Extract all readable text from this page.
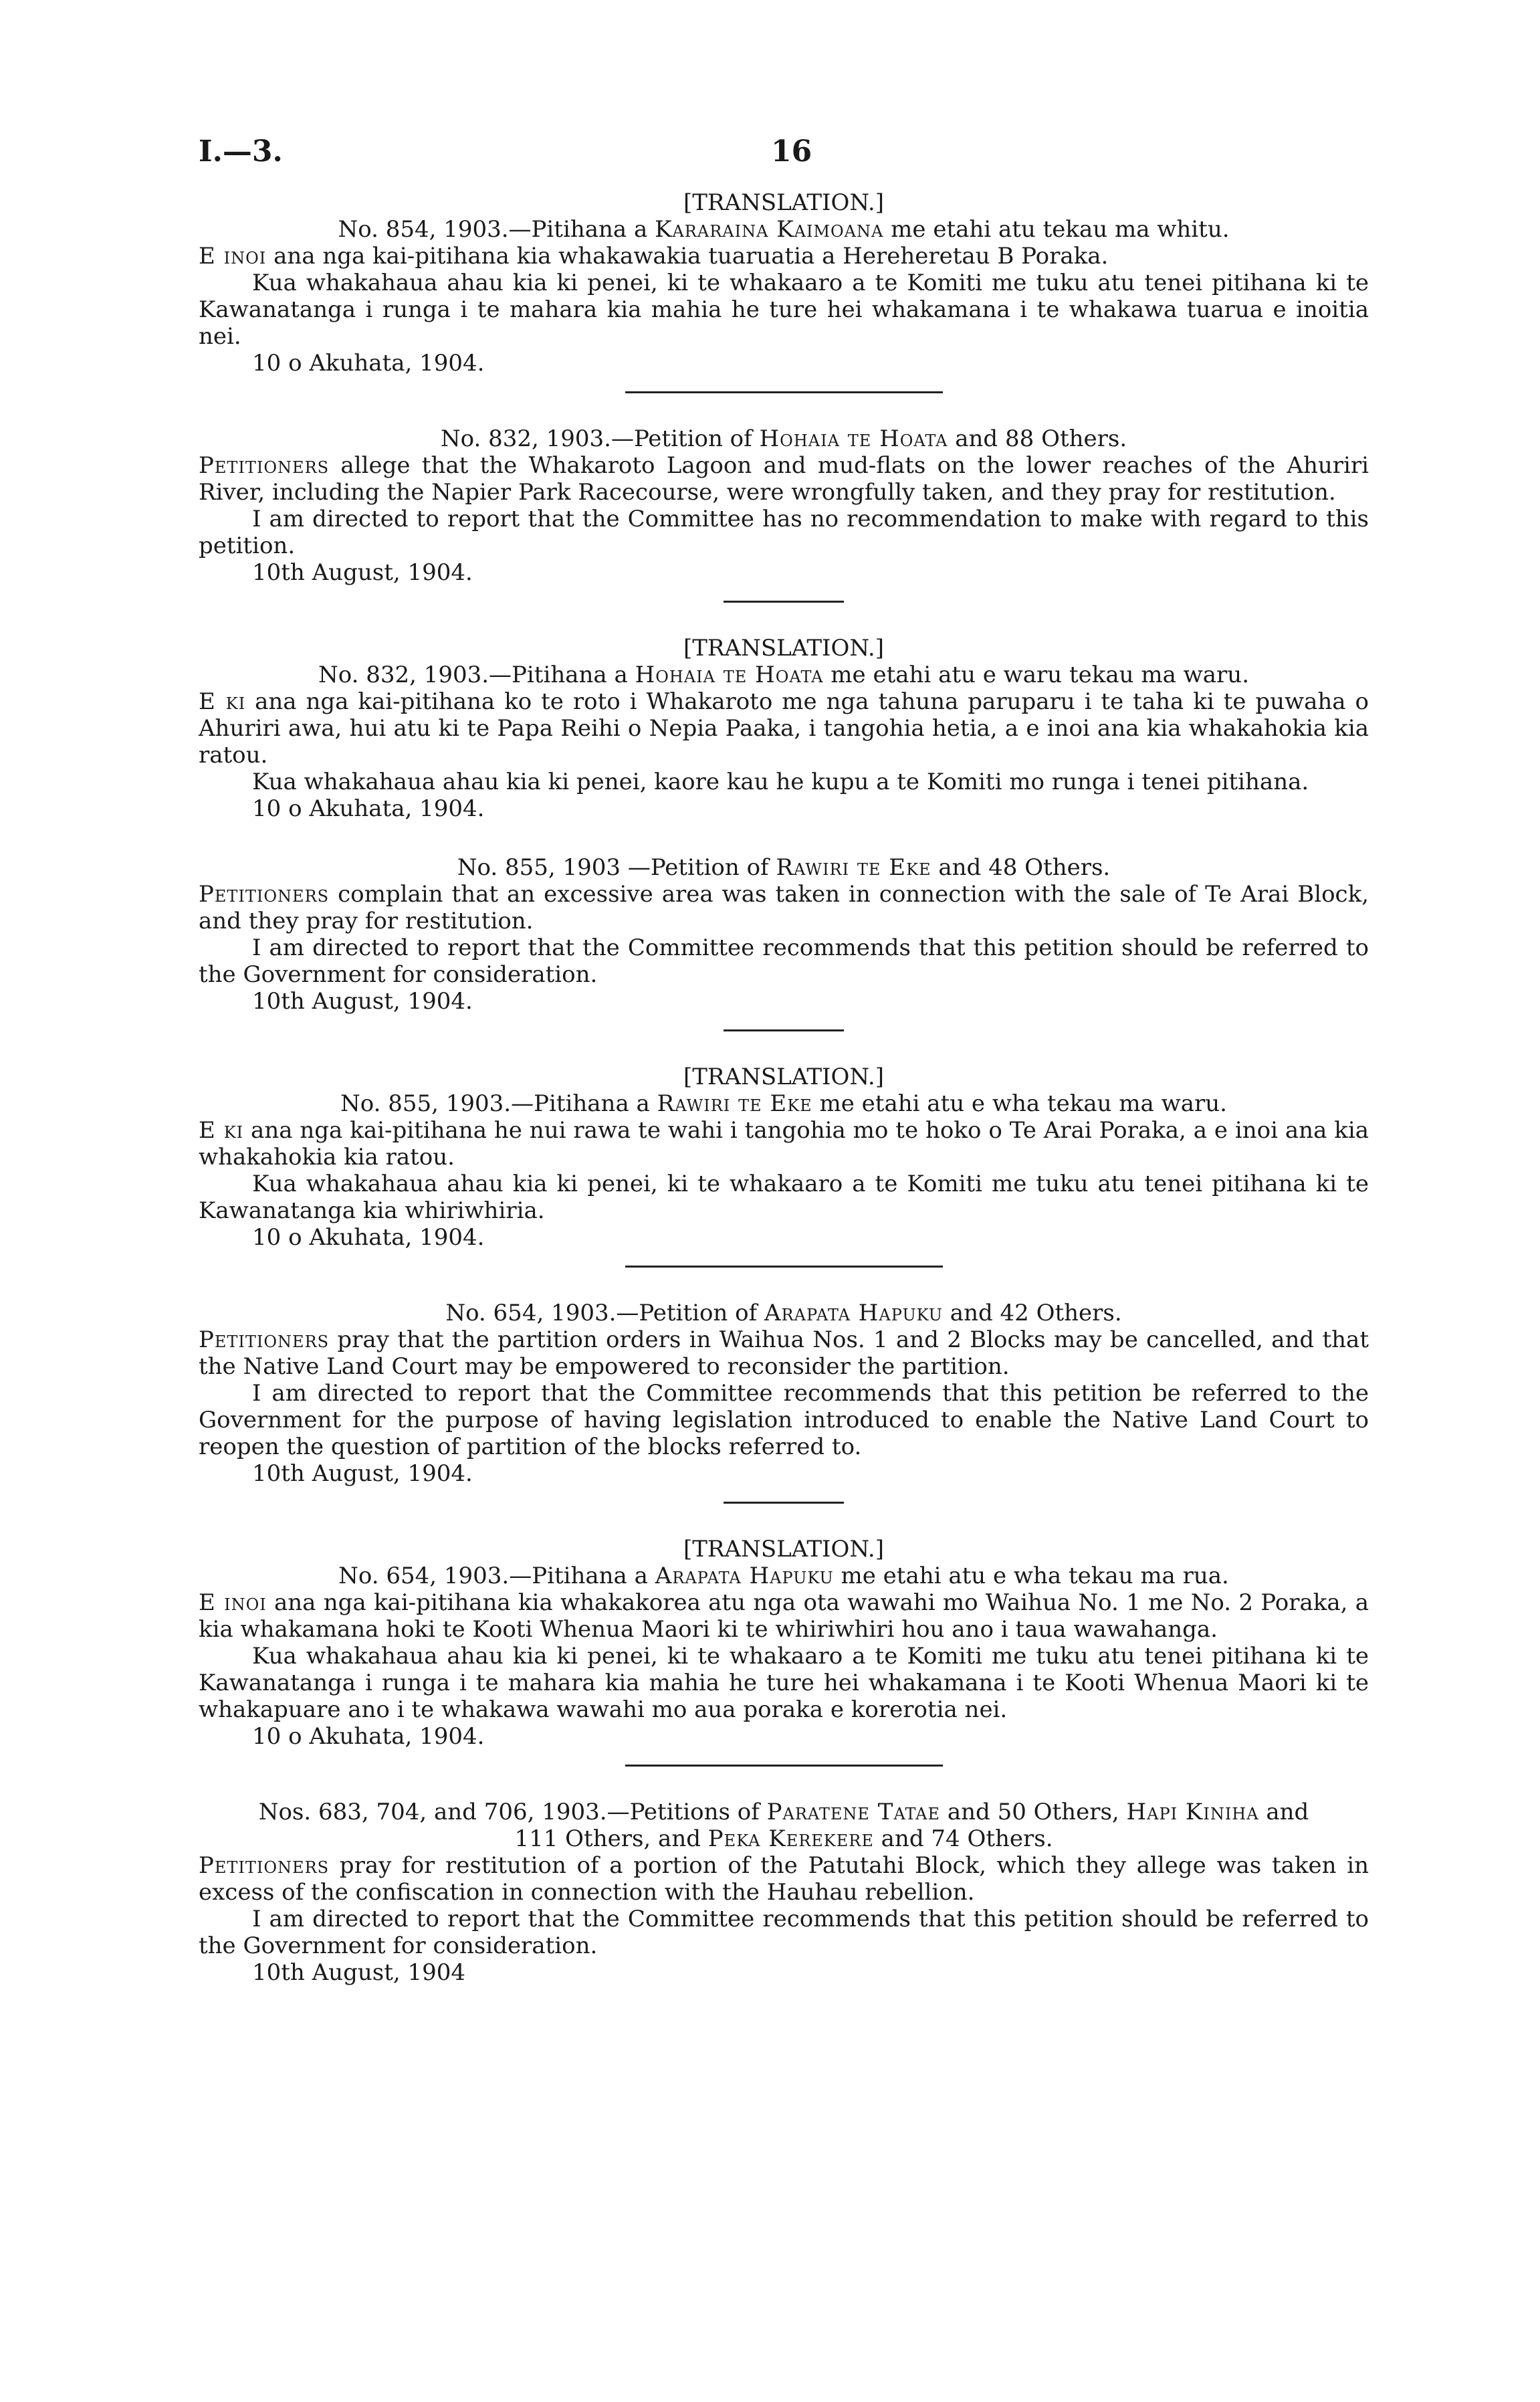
I.—3.	16

[TRANSLATION.]

No. 854, 1903.—Pitihana a Kararaina Kaimoana me etahi atu tekau ma whitu.

E inoi ana nga kai-pitihana kia whakawakia tuaruatia a Hereheretau B Poraka.

Kua whakahaua ahau kia ki penei, ki te whakaaro a te Komiti me tuku atu tenei pitihana ki te Kawanatanga i runga i te mahara kia mahia he ture hei whakamana i te whakawa tuarua e inoitia nei.

10 o Akuhata, 1904.

No. 832, 1903.—Petition of Hohaia te Hoata and 88 Others.

Petitioners allege that the Whakaroto Lagoon and mud-flats on the lower reaches of the Ahuriri River, including the Napier Park Racecourse, were wrongfully taken, and they pray for restitution.

I am directed to report that the Committee has no recommendation to make with regard to this petition.

10th August, 1904.

[TRANSLATION.]

No. 832, 1903.—Pitihana a Hohaia te Hoata me etahi atu e waru tekau ma waru.

E ki ana nga kai-pitihana ko te roto i Whakaroto me nga tahuna paruparu i te taha ki te puwaha o Ahuriri awa, hui atu ki te Papa Reihi o Nepia Paaka, i tangohia hetia, a e inoi ana kia whakahokia kia ratou.

Kua whakahaua ahau kia ki penei, kaore kau he kupu a te Komiti mo runga i tenei pitihana.

10 o Akuhata, 1904.

No. 855, 1903 —Petition of Rawiri te Eke and 48 Others.

Petitioners complain that an excessive area was taken in connection with the sale of Te Arai Block, and they pray for restitution.

I am directed to report that the Committee recommends that this petition should be referred to the Government for consideration.

10th August, 1904.

[TRANSLATION.]

No. 855, 1903.—Pitihana a Rawiri te Eke me etahi atu e wha tekau ma waru.

E ki ana nga kai-pitihana he nui rawa te wahi i tangohia mo te hoko o Te Arai Poraka, a e inoi ana kia whakahokia kia ratou.

Kua whakahaua ahau kia ki penei, ki te whakaaro a te Komiti me tuku atu tenei pitihana ki te Kawanatanga kia whiriwhiria.

10 o Akuhata, 1904.

No. 654, 1903.—Petition of Arapata Hapuku and 42 Others.

Petitioners pray that the partition orders in Waihua Nos. 1 and 2 Blocks may be cancelled, and that the Native Land Court may be empowered to reconsider the partition.

I am directed to report that the Committee recommends that this petition be referred to the Government for the purpose of having legislation introduced to enable the Native Land Court to reopen the question of partition of the blocks referred to.

10th August, 1904.

[TRANSLATION.]

No. 654, 1903.—Pitihana a Arapata Hapuku me etahi atu e wha tekau ma rua.

E inoi ana nga kai-pitihana kia whakakorea atu nga ota wawahi mo Waihua No. 1 me No. 2 Poraka, a kia whakamana hoki te Kooti Whenua Maori ki te whiriwhiri hou ano i taua wawahanga.

Kua whakahaua ahau kia ki penei, ki te whakaaro a te Komiti me tuku atu tenei pitihana ki te Kawanatanga i runga i te mahara kia mahia he ture hei whakamana i te Kooti Whenua Maori ki te whakapuare ano i te whakawa wawahi mo aua poraka e korerotia nei.

10 o Akuhata, 1904.

Nos. 683, 704, and 706, 1903.—Petitions of Paratene Tatae and 50 Others, Hapi Kiniha and

111 Others, and Peka Kerekere and 74 Others.

Petitioners pray for restitution of a portion of the Patutahi Block, which they allege was taken in excess of the confiscation in connection with the Hauhau rebellion.

I am directed to report that the Committee recommends that this petition should be referred to the Government for consideration.

10th August, 1904
